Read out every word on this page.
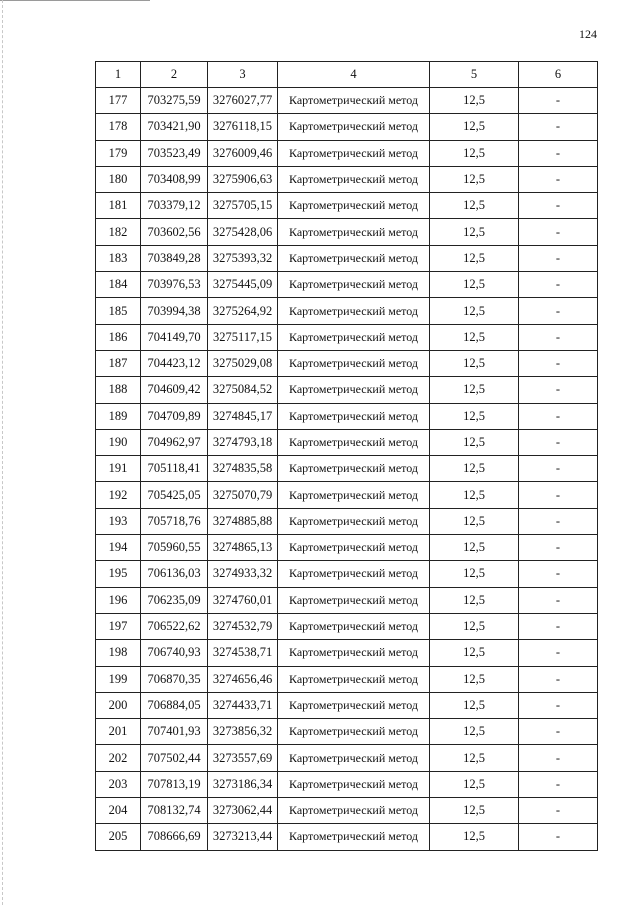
124
1	2	3	4	5	6
177	703275,59	3276027,77	Картометрический метод	12,5	-
178	703421,90	3276118,15	Картометрический метод	12,5	-
179	703523,49	3276009,46	Картометрический метод	12,5	-
180	703408,99	3275906,63	Картометрический метод	12,5	-
181	703379,12	3275705,15	Картометрический метод	12,5	-
182	703602,56	3275428,06	Картометрический метод	12,5	-
183	703849,28	3275393,32	Картометрический метод	12,5	-
184	703976,53	3275445,09	Картометрический метод	12,5	-
185	703994,38	3275264,92	Картометрический метод	12,5	-
186	704149,70	3275117,15	Картометрический метод	12,5	-
187	704423,12	3275029,08	Картометрический метод	12,5	-
188	704609,42	3275084,52	Картометрический метод	12,5	-
189	704709,89	3274845,17	Картометрический метод	12,5	-
190	704962,97	3274793,18	Картометрический метод	12,5	-
191	705118,41	3274835,58	Картометрический метод	12,5	-
192	705425,05	3275070,79	Картометрический метод	12,5	-
193	705718,76	3274885,88	Картометрический метод	12,5	-
194	705960,55	3274865,13	Картометрический метод	12,5	-
195	706136,03	3274933,32	Картометрический метод	12,5	-
196	706235,09	3274760,01	Картометрический метод	12,5	-
197	706522,62	3274532,79	Картометрический метод	12,5	-
198	706740,93	3274538,71	Картометрический метод	12,5	-
199	706870,35	3274656,46	Картометрический метод	12,5	-
200	706884,05	3274433,71	Картометрический метод	12,5	-
201	707401,93	3273856,32	Картометрический метод	12,5	-
202	707502,44	3273557,69	Картометрический метод	12,5	-
203	707813,19	3273186,34	Картометрический метод	12,5	-
204	708132,74	3273062,44	Картометрический метод	12,5	-
205	708666,69	3273213,44	Картометрический метод	12,5	-
